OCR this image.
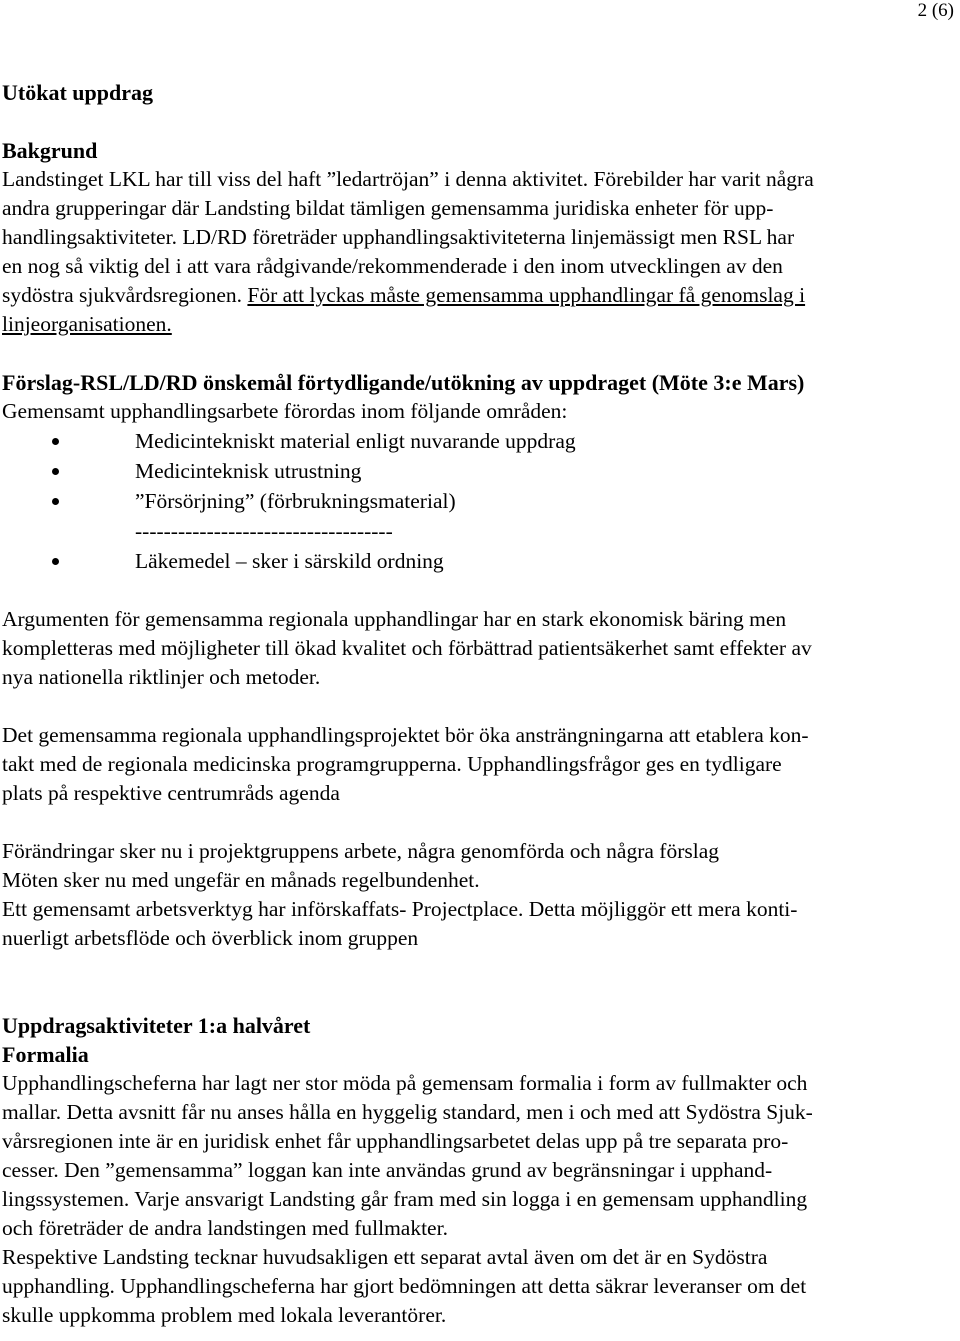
2 (6)
Utökat uppdrag
Bakgrund

Landstinget LKL har till viss del haft ”ledartröjan” i denna aktivitet. Förebilder har varit några

andra grupperingar där Landsting bildat tämligen gemensamma juridiska enheter för upp-

handlingsaktiviteter. LD/RD företräder upphandlingsaktiviteterna linjemässigt men RSL har

en nog så viktig del i att vara rådgivande/rekommenderade i den inom utvecklingen av den

sydöstra sjukvårdsregionen. För att lyckas måste gemensamma upphandlingar få genomslag i

linjeorganisationen.

Förslag-RSL/LD/RD önskemål förtydligande/utökning av uppdraget (Möte 3:e Mars)

Gemensamt upphandlingsarbete förordas inom följande områden:

Medicintekniskt material enligt nuvarande uppdrag
Medicinteknisk utrustning
”Försörjning” (förbrukningsmaterial)
------------------------------------
Läkemedel – sker i särskild ordning

Argumenten för gemensamma regionala upphandlingar har en stark ekonomisk bäring men

kompletteras med möjligheter till ökad kvalitet och förbättrad patientsäkerhet samt effekter av

nya nationella riktlinjer och metoder.

Det gemensamma regionala upphandlingsprojektet bör öka ansträngningarna att etablera kon-

takt med de regionala medicinska programgrupperna. Upphandlingsfrågor ges en tydligare

plats på respektive centrumråds agenda

Förändringar sker nu i projektgruppens arbete, några genomförda och några förslag

Möten sker nu med ungefär en månads regelbundenhet.

Ett gemensamt arbetsverktyg har införskaffats- Projectplace. Detta möjliggör ett mera konti-

nuerligt arbetsflöde och överblick inom gruppen

Uppdragsaktiviteter 1:a halvåret
Formalia

Upphandlingscheferna har lagt ner stor möda på gemensam formalia i form av fullmakter och

mallar. Detta avsnitt får nu anses hålla en hyggelig standard, men i och med att Sydöstra Sjuk-

vårsregionen inte är en juridisk enhet får upphandlingsarbetet delas upp på tre separata pro-

cesser. Den ”gemensamma” loggan kan inte användas grund av begränsningar i upphand-

lingssystemen. Varje ansvarigt Landsting går fram med sin logga i en gemensam upphandling

och företräder de andra landstingen med fullmakter.

Respektive Landsting tecknar huvudsakligen ett separat avtal även om det är en Sydöstra

upphandling. Upphandlingscheferna har gjort bedömningen att detta säkrar leveranser om det

skulle uppkomma problem med lokala leverantörer.
